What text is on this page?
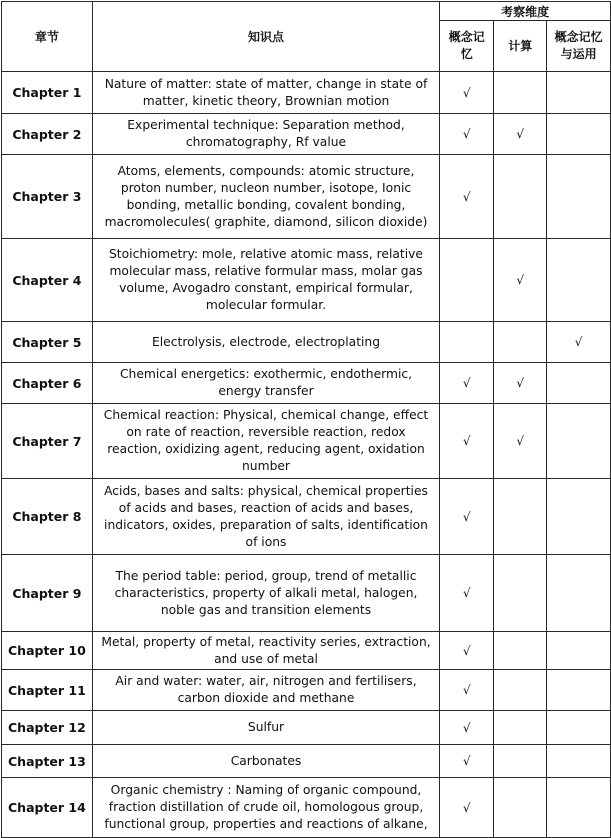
章节	知识点	考察维度		
		概念记忆	计算	概念记忆与运用
Chapter 1	Nature of matter: state of matter, change in state of matter, kinetic theory, Brownian motion	√		
Chapter 2	Experimental technique: Separation method, chromatography, Rf value	√	√	
Chapter 3	Atoms, elements, compounds: atomic structure, proton number, nucleon number, isotope, Ionic bonding, metallic bonding, covalent bonding, macromolecules( graphite, diamond, silicon dioxide)	√		
Chapter 4	Stoichiometry: mole, relative atomic mass, relative molecular mass, relative formular mass, molar gas volume, Avogadro constant, empirical formular, molecular formular.		√	
Chapter 5	Electrolysis, electrode, electroplating			√
Chapter 6	Chemical energetics: exothermic, endothermic, energy transfer	√	√	
Chapter 7	Chemical reaction: Physical, chemical change, effect on rate of reaction, reversible reaction, redox reaction, oxidizing agent, reducing agent, oxidation number	√	√	
Chapter 8	Acids, bases and salts: physical, chemical properties of acids and bases, reaction of acids and bases, indicators, oxides, preparation of salts, identification of ions	√		
Chapter 9	The period table: period, group, trend of metallic characteristics, property of alkali metal, halogen, noble gas and transition elements	√		
Chapter 10	Metal, property of metal, reactivity series, extraction, and use of metal	√		
Chapter 11	Air and water: water, air, nitrogen and fertilisers, carbon dioxide and methane	√		
Chapter 12	Sulfur	√		
Chapter 13	Carbonates	√		
Chapter 14	Organic chemistry : Naming of organic compound, fraction distillation of crude oil, homologous group, functional group, properties and reactions of alkane,	√		
